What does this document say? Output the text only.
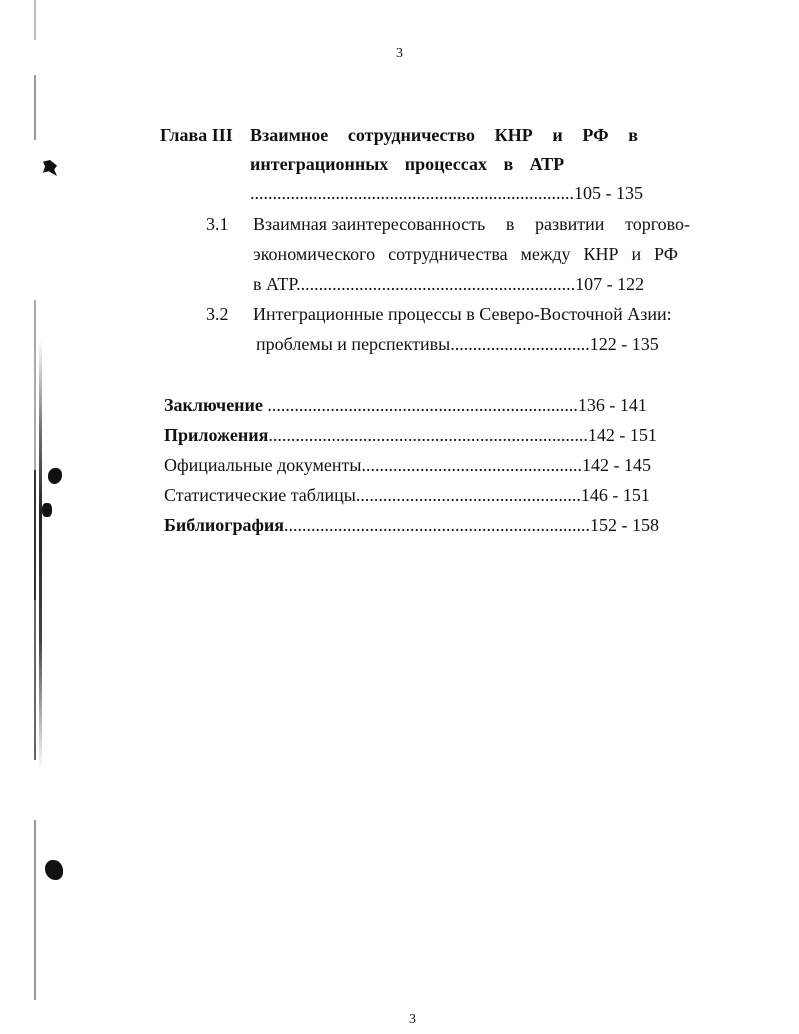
3
Глава III Взаимное сотрудничество КНР и РФ в
интеграционных процессах в АТР
........................................................................105 - 135
3.1 Взаимная заинтересованность в развитии торгово-
экономического сотрудничества между КНР и РФ
в АТР..............................................................107 - 122
3.2 Интеграционные процессы в Северо-Восточной Азии:
проблемы и перспективы...............................122 - 135
Заключение .....................................................................136 - 141
Приложения.......................................................................142 - 151
Официальные документы.................................................142 - 145
Статистические таблицы..................................................146 - 151
Библиография....................................................................152 - 158
3
